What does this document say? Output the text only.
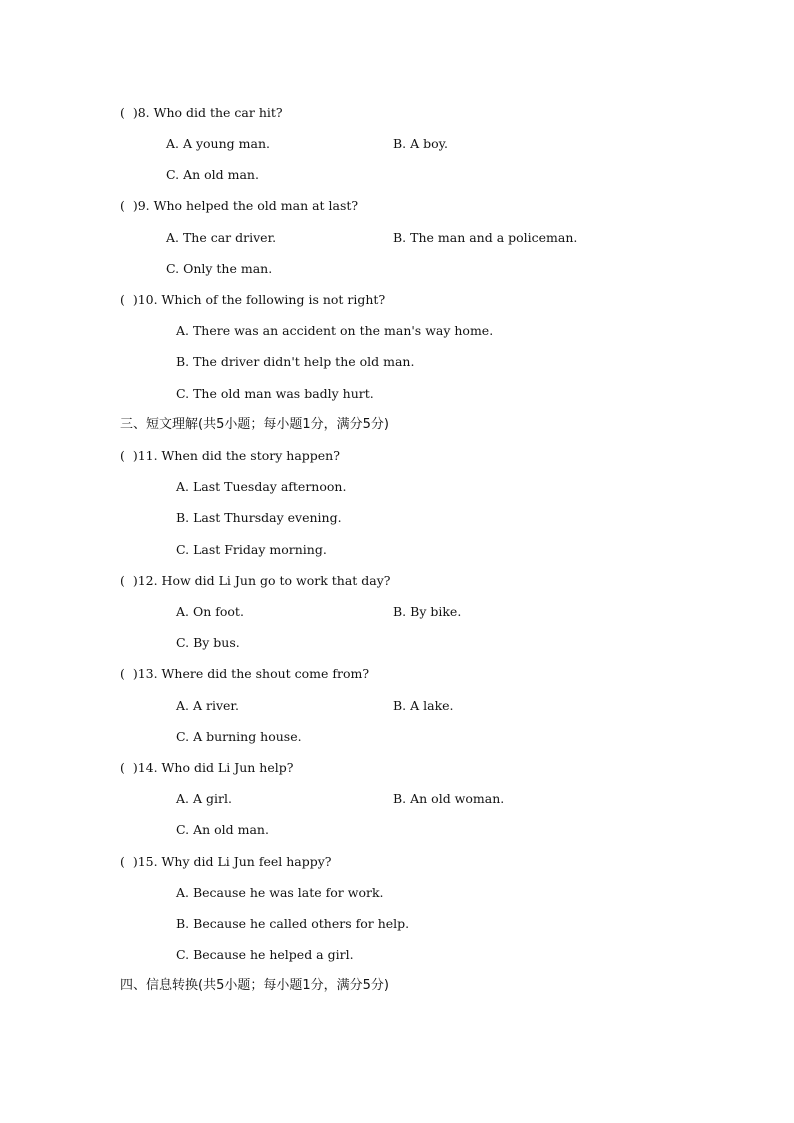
(  )8. Who did the car hit?
A. A young man.	B. A boy.
C. An old man.
(  )9. Who helped the old man at last?
A. The car driver.	B. The man and a policeman.
C. Only the man.
(  )10. Which of the following is not right?
A. There was an accident on the man's way home.
B. The driver didn't help the old man.
C. The old man was badly hurt.
三、短文理解(共5小题；每小题1分，满分5分)
(  )11. When did the story happen?
A. Last Tuesday afternoon.
B. Last Thursday evening.
C. Last Friday morning.
(  )12. How did Li Jun go to work that day?
A. On foot.	B. By bike.
C. By bus.
(  )13. Where did the shout come from?
A. A river.	B. A lake.
C. A burning house.
(  )14. Who did Li Jun help?
A. A girl.	B. An old woman.
C. An old man.
(  )15. Why did Li Jun feel happy?
A. Because he was late for work.
B. Because he called others for help.
C. Because he helped a girl.
四、信息转换(共5小题；每小题1分，满分5分)
